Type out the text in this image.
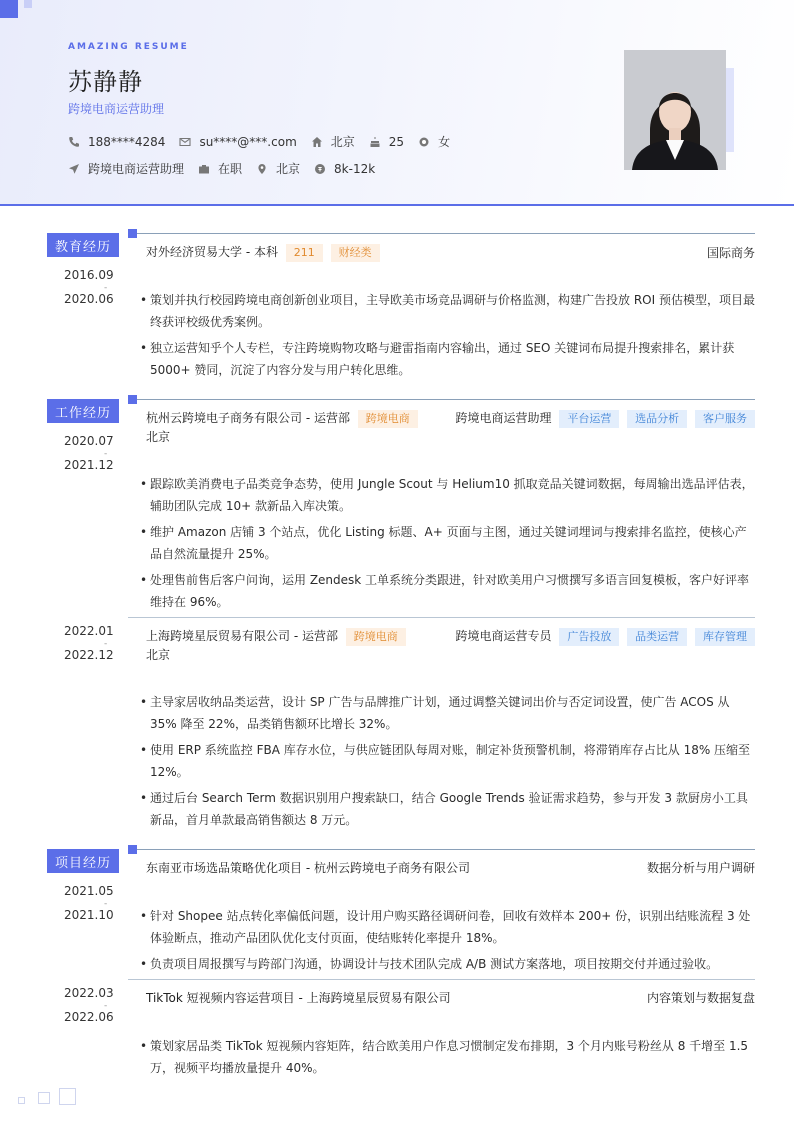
AMAZING RESUME
苏静静
跨境电商运营助理
188****4284	su****@***.com	北京	25	女
跨境电商运营助理	在职	北京	8k-12k
教育经历
2016.09
-
2020.06
对外经济贸易大学 - 本科 211 财经类	国际商务
• 策划并执行校园跨境电商创新创业项目，主导欧美市场竞品调研与价格监测，构建广告投放 ROI 预估模型，项目最终获评校级优秀案例。
• 独立运营知乎个人专栏，专注跨境购物攻略与避雷指南内容输出，通过 SEO 关键词布局提升搜索排名，累计获 5000+ 赞同，沉淀了内容分发与用户转化思维。
工作经历
2020.07
-
2021.12
杭州云跨境电子商务有限公司 - 运营部 跨境电商	跨境电商运营助理 平台运营 选品分析 客户服务
北京
• 跟踪欧美消费电子品类竞争态势，使用 Jungle Scout 与 Helium10 抓取竞品关键词数据，每周输出选品评估表，辅助团队完成 10+ 款新品入库决策。
• 维护 Amazon 店铺 3 个站点，优化 Listing 标题、A+ 页面与主图，通过关键词埋词与搜索排名监控，使核心产品自然流量提升 25%。
• 处理售前售后客户问询，运用 Zendesk 工单系统分类跟进，针对欧美用户习惯撰写多语言回复模板，客户好评率维持在 96%。
2022.01
-
2022.12
上海跨境星辰贸易有限公司 - 运营部 跨境电商	跨境电商运营专员 广告投放 品类运营 库存管理
北京
• 主导家居收纳品类运营，设计 SP 广告与品牌推广计划，通过调整关键词出价与否定词设置，使广告 ACOS 从 35% 降至 22%，品类销售额环比增长 32%。
• 使用 ERP 系统监控 FBA 库存水位，与供应链团队每周对账，制定补货预警机制，将滞销库存占比从 18% 压缩至 12%。
• 通过后台 Search Term 数据识别用户搜索缺口，结合 Google Trends 验证需求趋势，参与开发 3 款厨房小工具新品，首月单款最高销售额达 8 万元。
项目经历
2021.05
-
2021.10
东南亚市场选品策略优化项目 - 杭州云跨境电子商务有限公司	数据分析与用户调研
• 针对 Shopee 站点转化率偏低问题，设计用户购买路径调研问卷，回收有效样本 200+ 份，识别出结账流程 3 处体验断点，推动产品团队优化支付页面，使结账转化率提升 18%。
• 负责项目周报撰写与跨部门沟通，协调设计与技术团队完成 A/B 测试方案落地，项目按期交付并通过验收。
2022.03
-
2022.06
TikTok 短视频内容运营项目 - 上海跨境星辰贸易有限公司	内容策划与数据复盘
• 策划家居品类 TikTok 短视频内容矩阵，结合欧美用户作息习惯制定发布排期，3 个月内账号粉丝从 8 千增至 1.5 万，视频平均播放量提升 40%。
